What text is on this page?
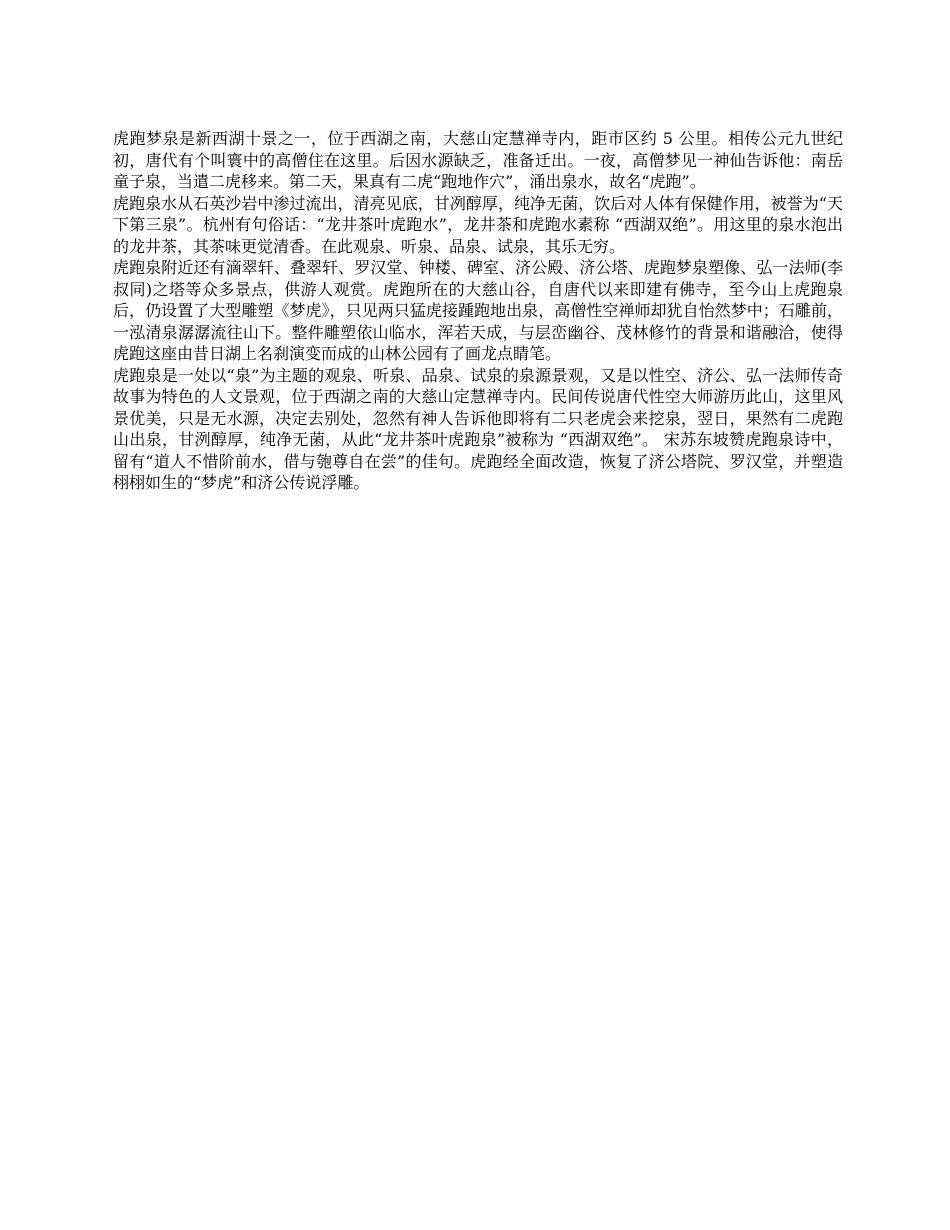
虎跑梦泉是新西湖十景之一，位于西湖之南，大慈山定慧禅寺内，距市区约 5 公里。相传公元九世纪初，唐代有个叫寰中的高僧住在这里。后因水源缺乏，准备迁出。一夜，高僧梦见一神仙告诉他：南岳童子泉，当遣二虎移来。第二天，果真有二虎“跑地作穴”，涌出泉水，故名“虎跑”。

虎跑泉水从石英沙岩中渗过流出，清亮见底，甘冽醇厚，纯净无菌，饮后对人体有保健作用，被誉为“天下第三泉”。杭州有句俗话：“龙井茶叶虎跑水”，龙井茶和虎跑水素称 “西湖双绝”。用这里的泉水泡出的龙井茶，其茶味更觉清香。在此观泉、听泉、品泉、试泉，其乐无穷。

虎跑泉附近还有滴翠轩、叠翠轩、罗汉堂、钟楼、碑室、济公殿、济公塔、虎跑梦泉塑像、弘一法师(李叔同)之塔等众多景点，供游人观赏。虎跑所在的大慈山谷，自唐代以来即建有佛寺，至今山上虎跑泉后，仍设置了大型雕塑《梦虎》，只见两只猛虎接踵跑地出泉，高僧性空禅师却犹自怡然梦中；石雕前，一泓清泉潺潺流往山下。整件雕塑依山临水，浑若天成，与层峦幽谷、茂林修竹的背景和谐融洽，使得虎跑这座由昔日湖上名刹演变而成的山林公园有了画龙点睛笔。

虎跑泉是一处以“泉”为主题的观泉、听泉、品泉、试泉的泉源景观，又是以性空、济公、弘一法师传奇故事为特色的人文景观，位于西湖之南的大慈山定慧禅寺内。民间传说唐代性空大师游历此山，这里风景优美，只是无水源，决定去别处，忽然有神人告诉他即将有二只老虎会来挖泉，翌日，果然有二虎跑山出泉，甘洌醇厚，纯净无菌，从此“龙井茶叶虎跑泉”被称为 “西湖双绝”。 宋苏东坡赞虎跑泉诗中，留有“道人不惜阶前水，借与匏尊自在尝”的佳句。虎跑经全面改造，恢复了济公塔院、罗汉堂，并塑造栩栩如生的“梦虎”和济公传说浮雕。
